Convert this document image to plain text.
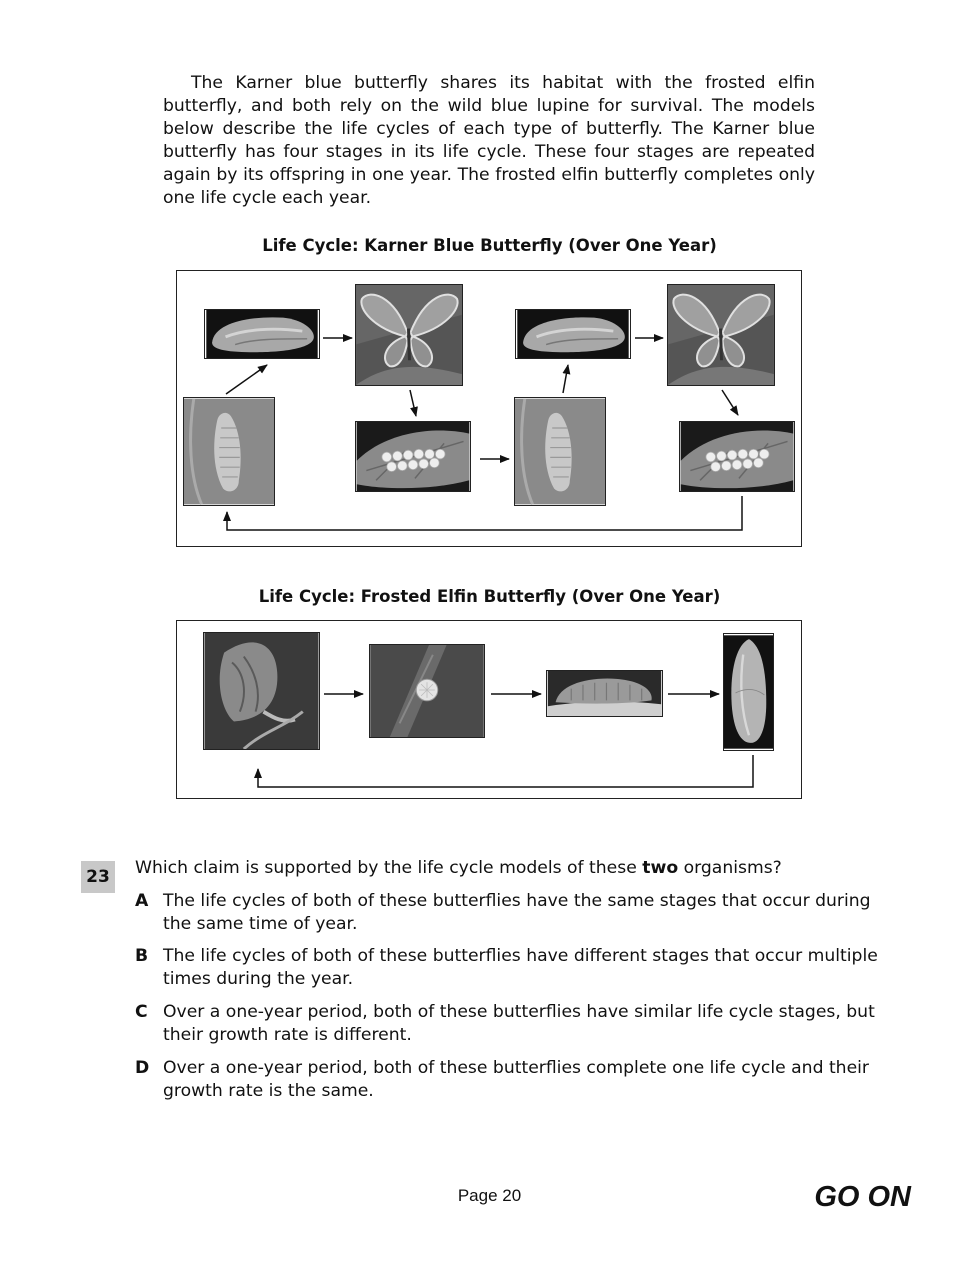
The Karner blue butterfly shares its habitat with the frosted elfin butterfly, and both rely on the wild blue lupine for survival. The models below describe the life cycles of each type of butterfly. The Karner blue butterfly has four stages in its life cycle. These four stages are repeated again by its offspring in one year. The frosted elfin butterfly completes only one life cycle each year.

Life Cycle: Karner Blue Butterfly (Over One Year)
Life Cycle: Frosted Elfin Butterfly (Over One Year)
23	Which claim is supported by the life cycle models of these two organisms?

A The life cycles of both of these butterflies have the same stages that occur during the same time of year.
B The life cycles of both of these butterflies have different stages that occur multiple times during the year.
C Over a one-year period, both of these butterflies have similar life cycle stages, but their growth rate is different.
D Over a one-year period, both of these butterflies complete one life cycle and their growth rate is the same.
Page 20	GO ON
